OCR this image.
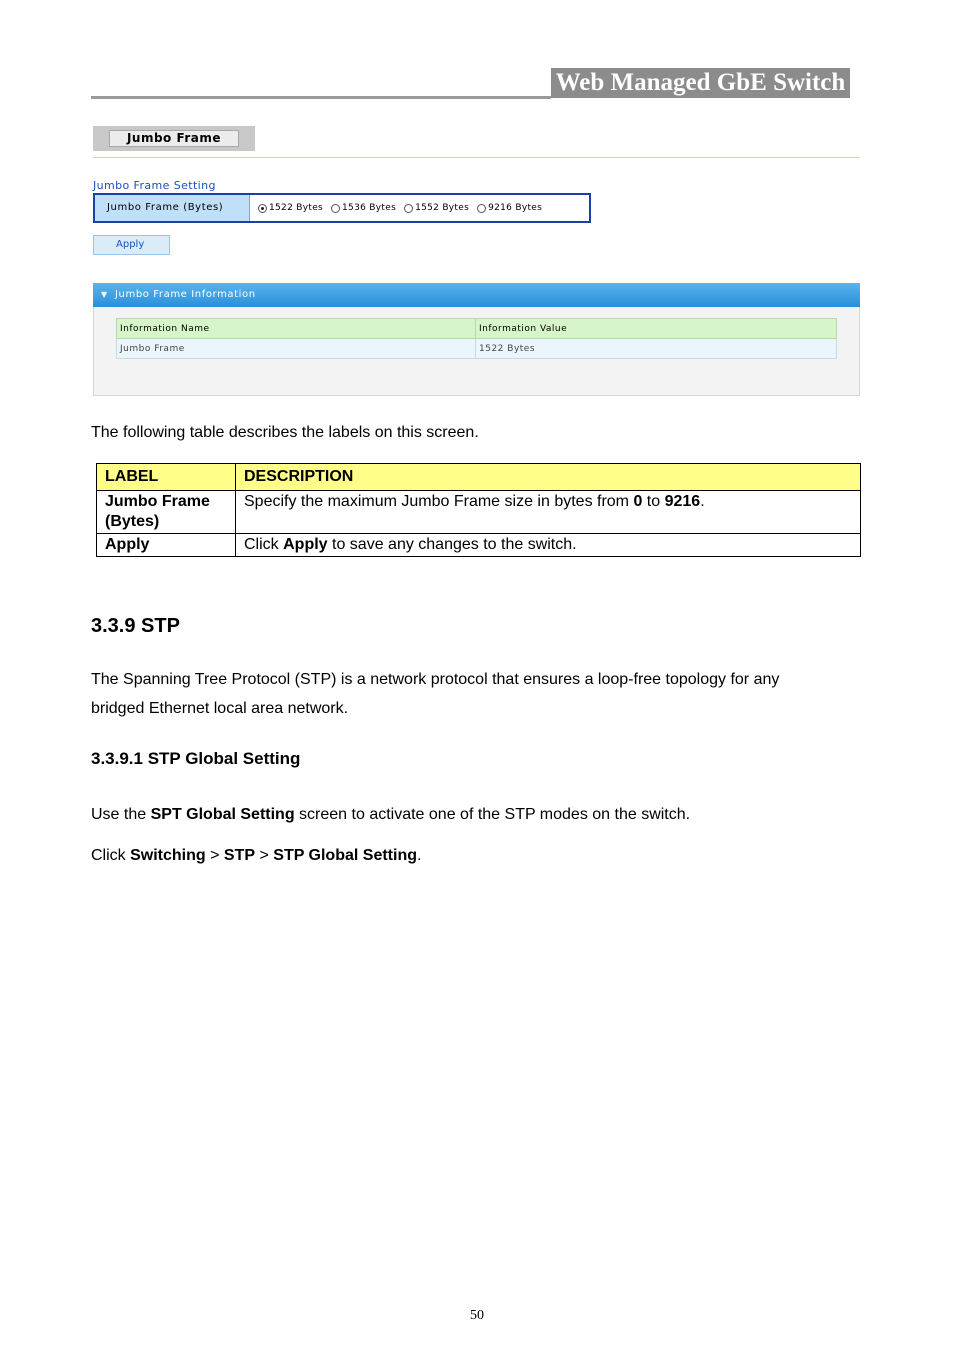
Web Managed GbE Switch
Jumbo Frame
Jumbo Frame Setting
Jumbo Frame (Bytes)	1522 Bytes 1536 Bytes 1552 Bytes 9216 Bytes
Apply
▼ Jumbo Frame Information
Information Name	Information Value
Jumbo Frame	1522 Bytes
The following table describes the labels on this screen.
LABEL	DESCRIPTION
Jumbo Frame (Bytes)	Specify the maximum Jumbo Frame size in bytes from 0 to 9216.
Apply	Click Apply to save any changes to the switch.
3.3.9 STP
The Spanning Tree Protocol (STP) is a network protocol that ensures a loop-free topology for any
bridged Ethernet local area network.
3.3.9.1 STP Global Setting
Use the SPT Global Setting screen to activate one of the STP modes on the switch.
Click Switching > STP > STP Global Setting.
50
